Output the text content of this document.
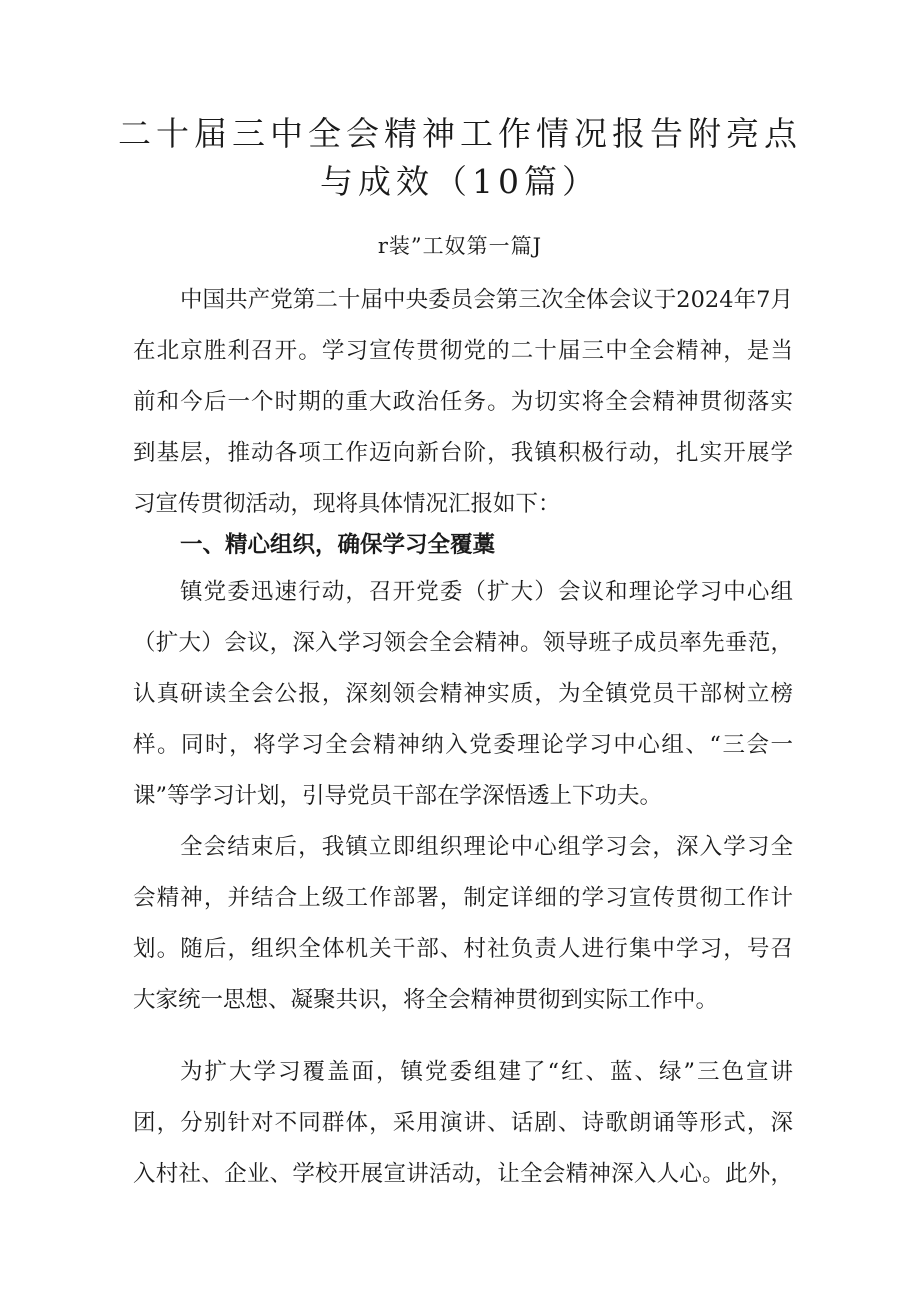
二十届三中全会精神工作情况报告附亮点
与成效（10篇）
r装”工奴第一篇J
中国共产党第二十届中央委员会第三次全体会议于2024年7月
在北京胜利召开。学习宣传贯彻党的二十届三中全会精神，是当
前和今后一个时期的重大政治任务。为切实将全会精神贯彻落实
到基层，推动各项工作迈向新台阶，我镇积极行动，扎实开展学
习宣传贯彻活动，现将具体情况汇报如下：
一、精心组织，确保学习全覆藁
镇党委迅速行动，召开党委（扩大）会议和理论学习中心组
（扩大）会议，深入学习领会全会精神。领导班子成员率先垂范，
认真研读全会公报，深刻领会精神实质，为全镇党员干部树立榜
样。同时，将学习全会精神纳入党委理论学习中心组、“三会一
课”等学习计划，引导党员干部在学深悟透上下功夫。
全会结束后，我镇立即组织理论中心组学习会，深入学习全
会精神，并结合上级工作部署，制定详细的学习宣传贯彻工作计
划。随后，组织全体机关干部、村社负责人进行集中学习，号召
大家统一思想、凝聚共识，将全会精神贯彻到实际工作中。
为扩大学习覆盖面，镇党委组建了“红、蓝、绿”三色宣讲
团，分别针对不同群体，采用演讲、话剧、诗歌朗诵等形式，深
入村社、企业、学校开展宣讲活动，让全会精神深入人心。此外，
